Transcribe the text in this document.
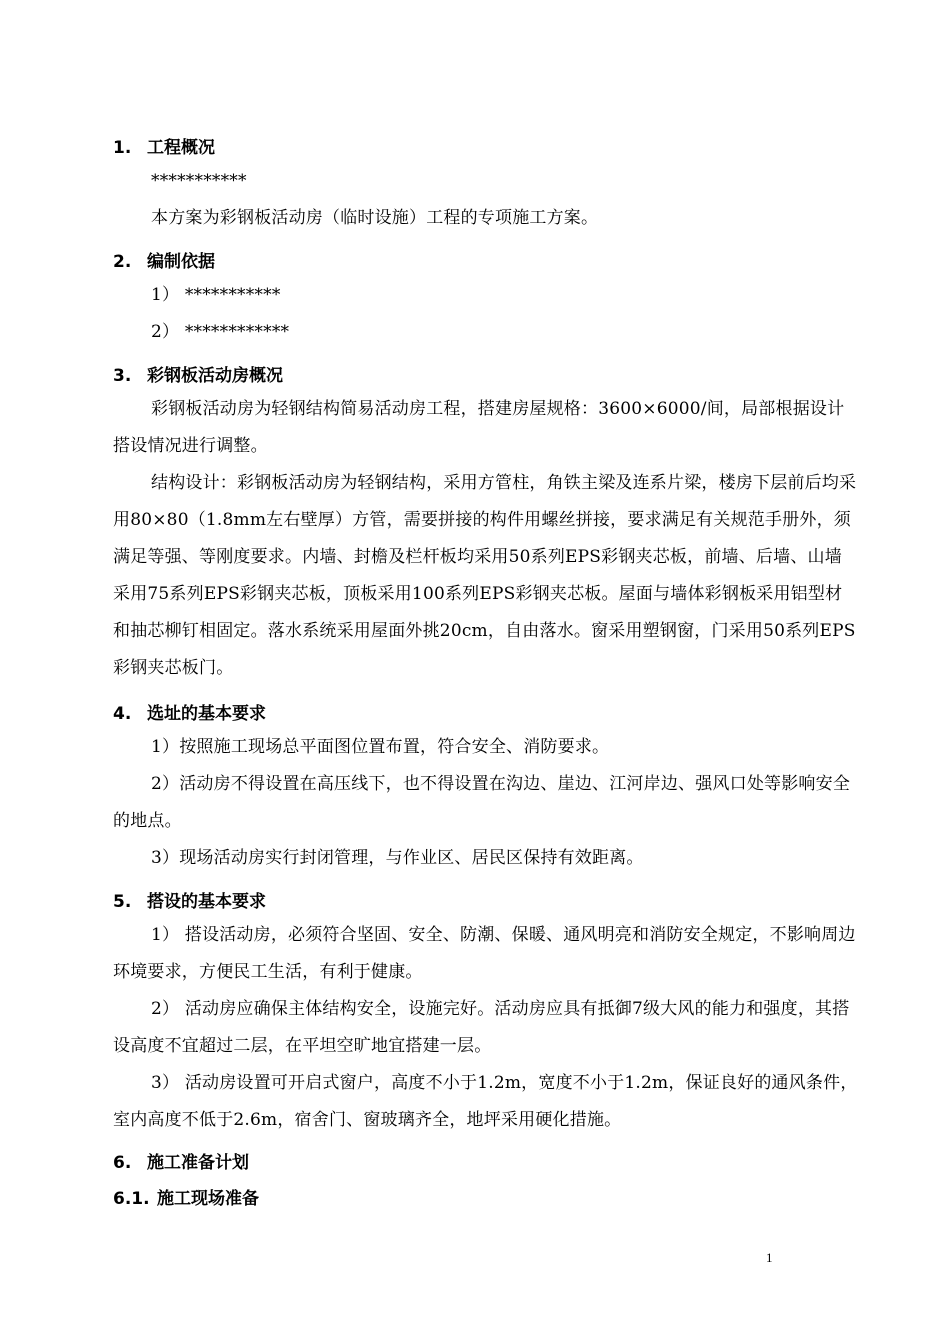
1. 工程概况

***********

本方案为彩钢板活动房（临时设施）工程的专项施工方案。

2. 编制依据

1） ***********

2） ************

3. 彩钢板活动房概况

彩钢板活动房为轻钢结构简易活动房工程，搭建房屋规格：3600×6000/间，局部根据设计搭设情况进行调整。

结构设计：彩钢板活动房为轻钢结构，采用方管柱，角铁主梁及连系片梁，楼房下层前后均采用80×80（1.8mm左右壁厚）方管，需要拼接的构件用螺丝拼接，要求满足有关规范手册外，须满足等强、等刚度要求。内墙、封檐及栏杆板均采用50系列EPS彩钢夹芯板，前墙、后墙、山墙采用75系列EPS彩钢夹芯板，顶板采用100系列EPS彩钢夹芯板。屋面与墙体彩钢板采用铝型材和抽芯柳钉相固定。落水系统采用屋面外挑20cm，自由落水。窗采用塑钢窗，门采用50系列EPS彩钢夹芯板门。

4. 选址的基本要求

1）按照施工现场总平面图位置布置，符合安全、消防要求。

2）活动房不得设置在高压线下，也不得设置在沟边、崖边、江河岸边、强风口处等影响安全的地点。

3）现场活动房实行封闭管理，与作业区、居民区保持有效距离。

5. 搭设的基本要求

1） 搭设活动房，必须符合坚固、安全、防潮、保暖、通风明亮和消防安全规定，不影响周边环境要求，方便民工生活，有利于健康。

2） 活动房应确保主体结构安全，设施完好。活动房应具有抵御7级大风的能力和强度，其搭设高度不宜超过二层，在平坦空旷地宜搭建一层。

3） 活动房设置可开启式窗户，高度不小于1.2m，宽度不小于1.2m，保证良好的通风条件，室内高度不低于2.6m，宿舍门、窗玻璃齐全，地坪采用硬化措施。

6. 施工准备计划

6.1. 施工现场准备

1
